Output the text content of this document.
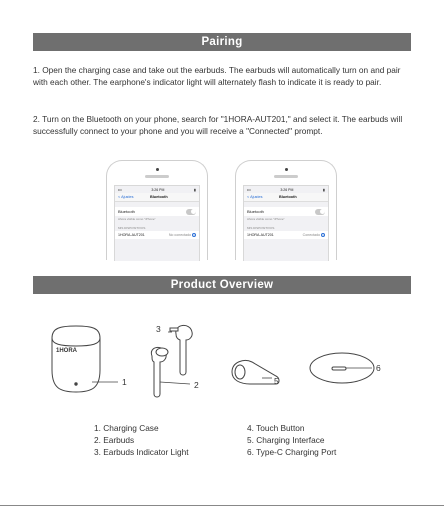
Pairing

1. Open the charging case and take out the earbuds. The earbuds will automatically turn on and pair with each other. The earphone's indicator light will alternately flash to indicate it is ready to pair.

2. Turn on the Bluetooth on your phone, search for "1HORA-AUT201," and select it. The earbuds will successfully connect to your phone and you will receive a "Connected" prompt.

•••	3:26 PM	▮
< Ajustes	Bluetooth
Bluetooth
Ahora visible como "iPhone"
MIS DISPOSITIVOS
1HORA-AUT201	No conectado	i
•••	3:26 PM	▮
< Ajustes	Bluetooth
Bluetooth
Ahora visible como "iPhone"
MIS DISPOSITIVOS
1HORA-AUT201	Conectado	i
Product Overview
1HORA
1	2
3
5
6
1. Charging Case
2. Earbuds
3. Earbuds Indicator Light
4. Touch Button
5. Charging Interface
6. Type-C Charging Port
